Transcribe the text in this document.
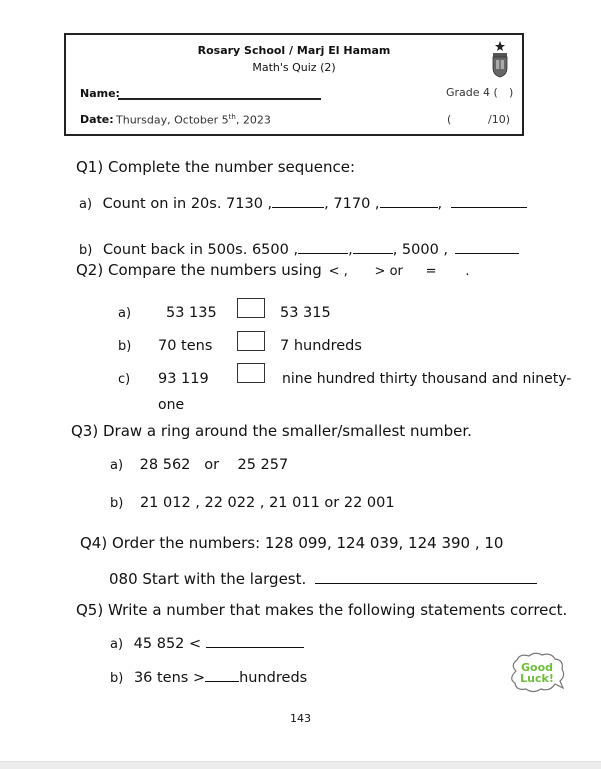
Rosary School / Marj El Hamam
Math's Quiz (2)
Name:	Grade 4 ( )
Date: Thursday, October 5th, 2023	(	/10)
Q1) Complete the number sequence:
a) Count on in 20s. 7130 ,	, 7170 ,	,
b) Count back in 500s. 6500 ,	,	, 5000 ,
Q2) Compare the numbers using < , > or = .
a) 53 135	53 315
b) 70 tens	7 hundreds
c) 93 119	nine hundred thirty thousand and ninety-
one
Q3) Draw a ring around the smaller/smallest number.
a) 28 562   or    25 257
b) 21 012 , 22 022 , 21 011 or 22 001
Q4) Order the numbers: 128 099, 124 039, 124 390 , 10
080 Start with the largest.
Q5) Write a number that makes the following statements correct.
a) 45 852 <
b) 36 tens > hundreds
Good
Luck!
143
